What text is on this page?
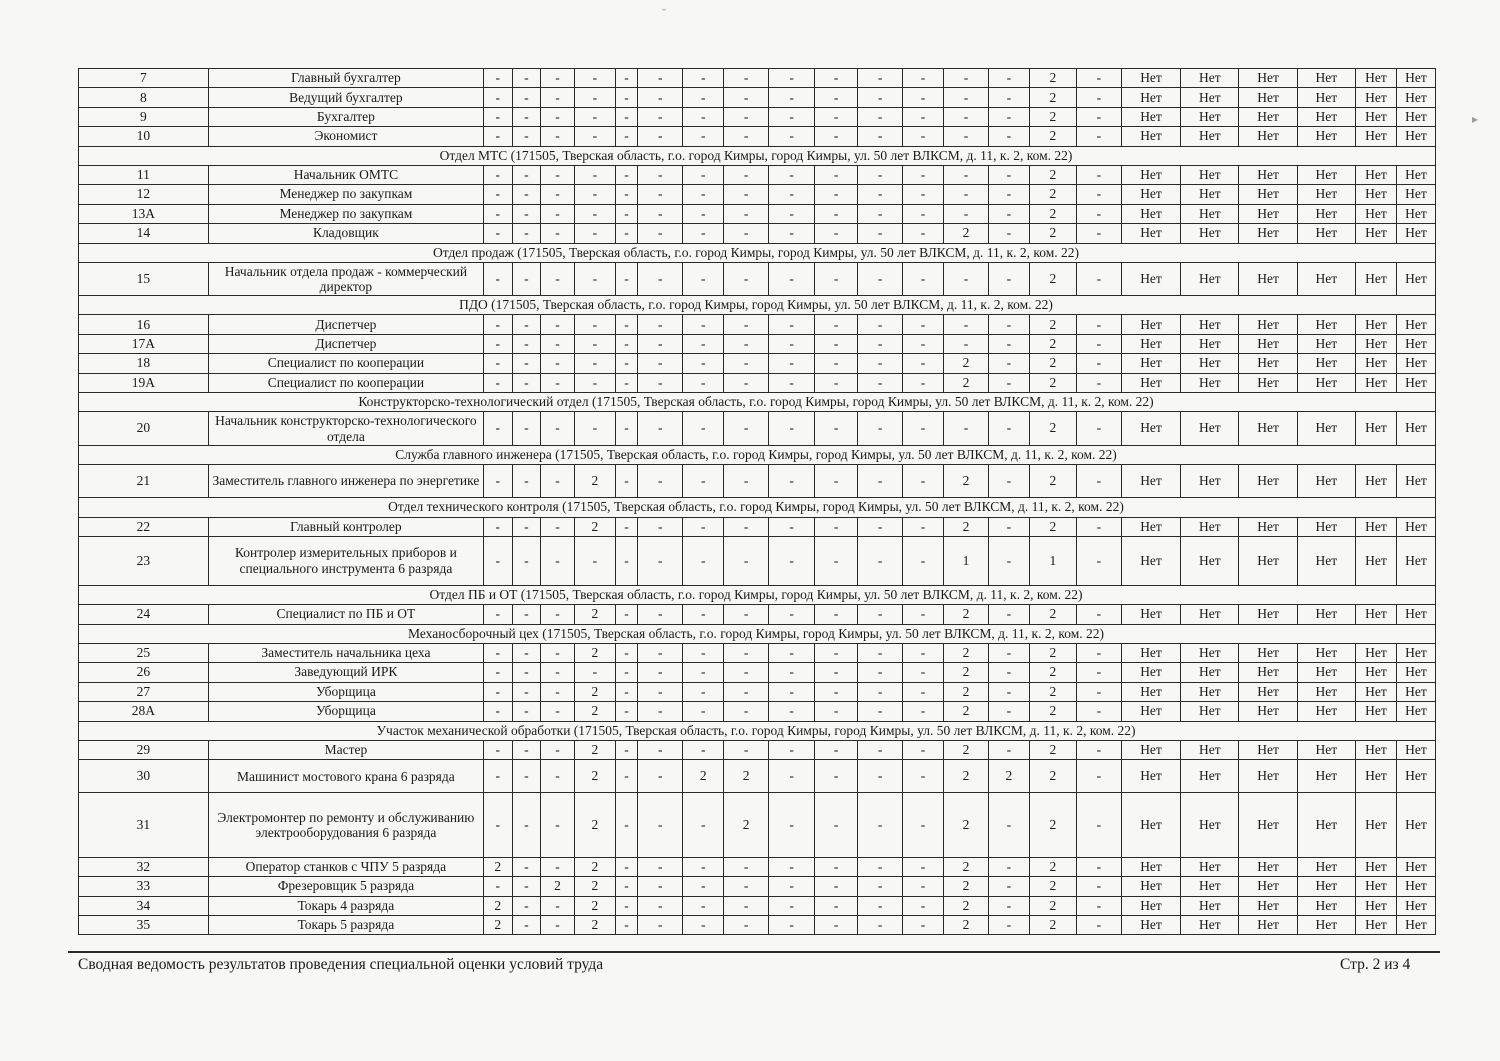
7	Главный бухгалтер	-	-	-	-	-	-	-	-	-	-	-	-	-	-	2	-	Нет	Нет	Нет	Нет	Нет	Нет
8	Ведущий бухгалтер	-	-	-	-	-	-	-	-	-	-	-	-	-	-	2	-	Нет	Нет	Нет	Нет	Нет	Нет
9	Бухгалтер	-	-	-	-	-	-	-	-	-	-	-	-	-	-	2	-	Нет	Нет	Нет	Нет	Нет	Нет
10	Экономист	-	-	-	-	-	-	-	-	-	-	-	-	-	-	2	-	Нет	Нет	Нет	Нет	Нет	Нет
Отдел МТС (171505, Тверская область, г.о. город Кимры, город Кимры, ул. 50 лет ВЛКСМ, д. 11, к. 2, ком. 22)																							
11	Начальник ОМТС	-	-	-	-	-	-	-	-	-	-	-	-	-	-	2	-	Нет	Нет	Нет	Нет	Нет	Нет
12	Менеджер по закупкам	-	-	-	-	-	-	-	-	-	-	-	-	-	-	2	-	Нет	Нет	Нет	Нет	Нет	Нет
13А	Менеджер по закупкам	-	-	-	-	-	-	-	-	-	-	-	-	-	-	2	-	Нет	Нет	Нет	Нет	Нет	Нет
14	Кладовщик	-	-	-	-	-	-	-	-	-	-	-	-	2	-	2	-	Нет	Нет	Нет	Нет	Нет	Нет
Отдел продаж (171505, Тверская область, г.о. город Кимры, город Кимры, ул. 50 лет ВЛКСМ, д. 11, к. 2, ком. 22)																							
15	Начальник отдела продаж - коммерческий директор	-	-	-	-	-	-	-	-	-	-	-	-	-	-	2	-	Нет	Нет	Нет	Нет	Нет	Нет
ПДО (171505, Тверская область, г.о. город Кимры, город Кимры, ул. 50 лет ВЛКСМ, д. 11, к. 2, ком. 22)																							
16	Диспетчер	-	-	-	-	-	-	-	-	-	-	-	-	-	-	2	-	Нет	Нет	Нет	Нет	Нет	Нет
17А	Диспетчер	-	-	-	-	-	-	-	-	-	-	-	-	-	-	2	-	Нет	Нет	Нет	Нет	Нет	Нет
18	Специалист по кооперации	-	-	-	-	-	-	-	-	-	-	-	-	2	-	2	-	Нет	Нет	Нет	Нет	Нет	Нет
19А	Специалист по кооперации	-	-	-	-	-	-	-	-	-	-	-	-	2	-	2	-	Нет	Нет	Нет	Нет	Нет	Нет
Конструкторско-технологический отдел (171505, Тверская область, г.о. город Кимры, город Кимры, ул. 50 лет ВЛКСМ, д. 11, к. 2, ком. 22)																							
20	Начальник конструкторско-технологического отдела	-	-	-	-	-	-	-	-	-	-	-	-	-	-	2	-	Нет	Нет	Нет	Нет	Нет	Нет
Служба главного инженера (171505, Тверская область, г.о. город Кимры, город Кимры, ул. 50 лет ВЛКСМ, д. 11, к. 2, ком. 22)																							
21	Заместитель главного инженера по энергетике	-	-	-	2	-	-	-	-	-	-	-	-	2	-	2	-	Нет	Нет	Нет	Нет	Нет	Нет
Отдел технического контроля (171505, Тверская область, г.о. город Кимры, город Кимры, ул. 50 лет ВЛКСМ, д. 11, к. 2, ком. 22)																							
22	Главный контролер	-	-	-	2	-	-	-	-	-	-	-	-	2	-	2	-	Нет	Нет	Нет	Нет	Нет	Нет
23	Контролер измерительных приборов и специального инструмента 6 разряда	-	-	-	-	-	-	-	-	-	-	-	-	1	-	1	-	Нет	Нет	Нет	Нет	Нет	Нет
Отдел ПБ и ОТ (171505, Тверская область, г.о. город Кимры, город Кимры, ул. 50 лет ВЛКСМ, д. 11, к. 2, ком. 22)																							
24	Специалист по ПБ и ОТ	-	-	-	2	-	-	-	-	-	-	-	-	2	-	2	-	Нет	Нет	Нет	Нет	Нет	Нет
Механосборочный цех (171505, Тверская область, г.о. город Кимры, город Кимры, ул. 50 лет ВЛКСМ, д. 11, к. 2, ком. 22)																							
25	Заместитель начальника цеха	-	-	-	2	-	-	-	-	-	-	-	-	2	-	2	-	Нет	Нет	Нет	Нет	Нет	Нет
26	Заведующий ИРК	-	-	-	-	-	-	-	-	-	-	-	-	2	-	2	-	Нет	Нет	Нет	Нет	Нет	Нет
27	Уборщица	-	-	-	2	-	-	-	-	-	-	-	-	2	-	2	-	Нет	Нет	Нет	Нет	Нет	Нет
28А	Уборщица	-	-	-	2	-	-	-	-	-	-	-	-	2	-	2	-	Нет	Нет	Нет	Нет	Нет	Нет
Участок механической обработки (171505, Тверская область, г.о. город Кимры, город Кимры, ул. 50 лет ВЛКСМ, д. 11, к. 2, ком. 22)																							
29	Мастер	-	-	-	2	-	-	-	-	-	-	-	-	2	-	2	-	Нет	Нет	Нет	Нет	Нет	Нет
30	Машинист мостового крана 6 разряда	-	-	-	2	-	-	2	2	-	-	-	-	2	2	2	-	Нет	Нет	Нет	Нет	Нет	Нет
31	Электромонтер по ремонту и обслуживанию электрооборудования 6 разряда	-	-	-	2	-	-	-	2	-	-	-	-	2	-	2	-	Нет	Нет	Нет	Нет	Нет	Нет
32	Оператор станков с ЧПУ 5 разряда	2	-	-	2	-	-	-	-	-	-	-	-	2	-	2	-	Нет	Нет	Нет	Нет	Нет	Нет
33	Фрезеровщик 5 разряда	-	-	2	2	-	-	-	-	-	-	-	-	2	-	2	-	Нет	Нет	Нет	Нет	Нет	Нет
34	Токарь 4 разряда	2	-	-	2	-	-	-	-	-	-	-	-	2	-	2	-	Нет	Нет	Нет	Нет	Нет	Нет
35	Токарь 5 разряда	2	-	-	2	-	-	-	-	-	-	-	-	2	-	2	-	Нет	Нет	Нет	Нет	Нет	Нет
Сводная ведомость результатов проведения специальной оценки условий труда	Стр. 2 из 4
ˇ
▸
